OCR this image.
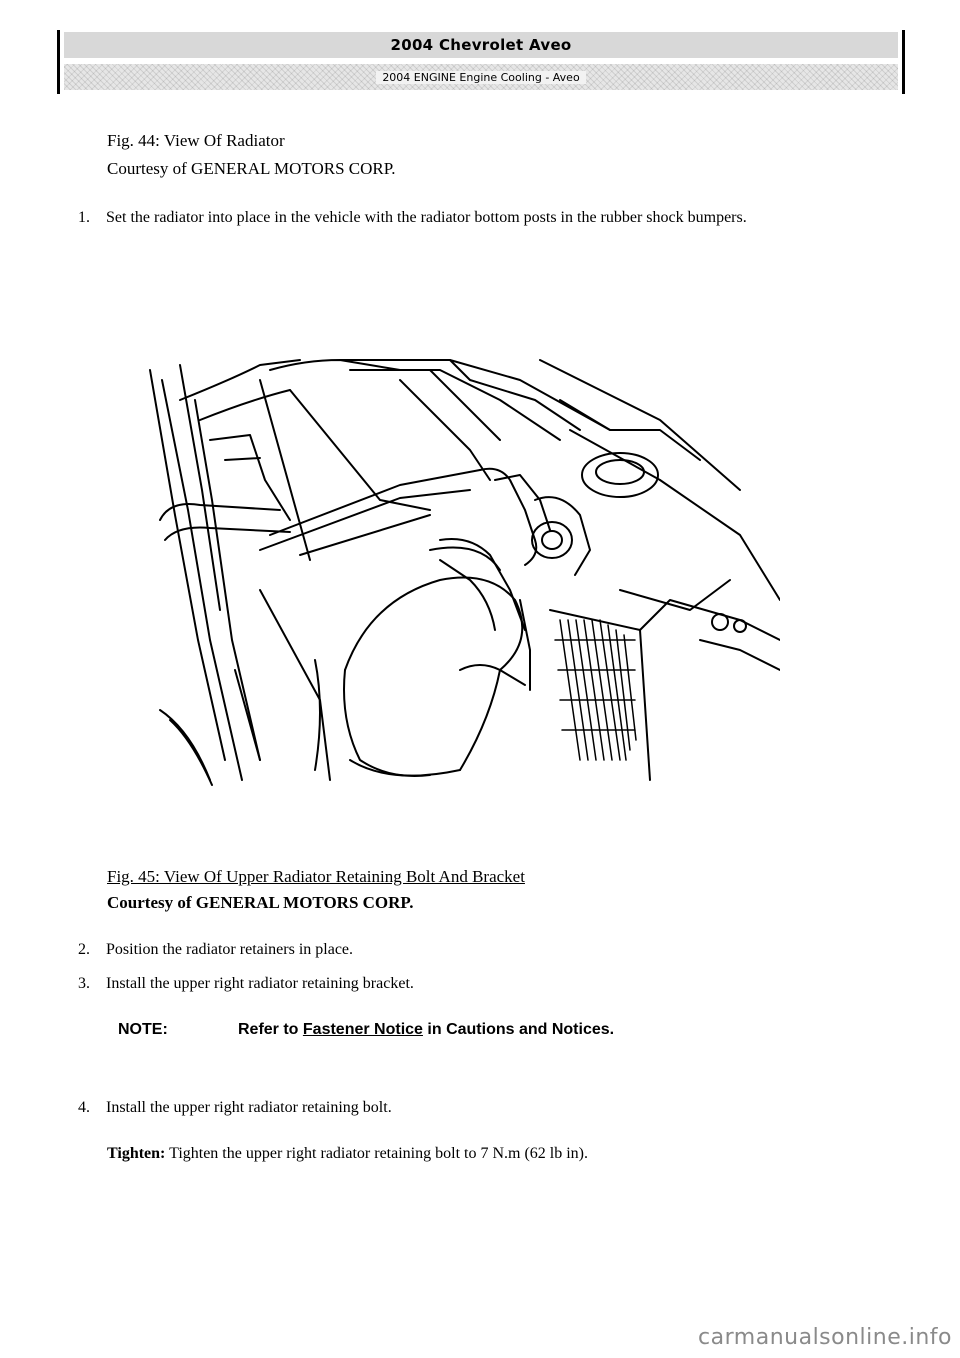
2004 Chevrolet Aveo
2004 ENGINE Engine Cooling - Aveo
Fig. 44: View Of Radiator
Courtesy of GENERAL MOTORS CORP.
1. Set the radiator into place in the vehicle with the radiator bottom posts in the rubber shock bumpers.
Fig. 45: View Of Upper Radiator Retaining Bolt And Bracket
Courtesy of GENERAL MOTORS CORP.
2. Position the radiator retainers in place.
3. Install the upper right radiator retaining bracket.
NOTE:	Refer to Fastener Notice in Cautions and Notices.
4. Install the upper right radiator retaining bolt.
Tighten: Tighten the upper right radiator retaining bolt to 7 N.m (62 lb in).
carmanualsonline.info
